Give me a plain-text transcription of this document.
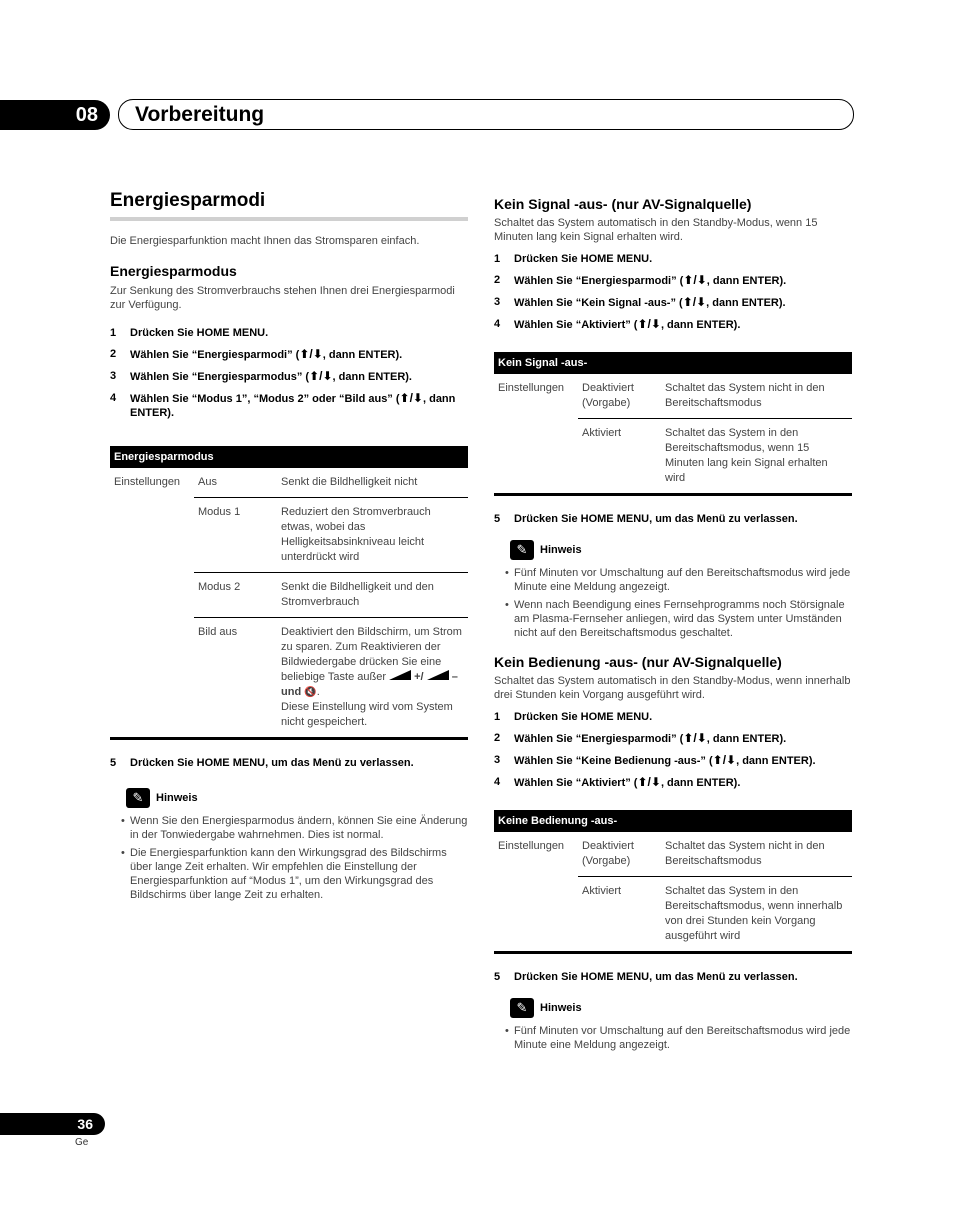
08	Vorbereitung
Energiesparmodi

Die Energiesparfunktion macht Ihnen das Stromsparen einfach.

Energiesparmodus

Zur Senkung des Stromverbrauchs stehen Ihnen drei Energiesparmodi zur Verfügung.

1 Drücken Sie HOME MENU.
2 Wählen Sie “Energiesparmodi” (⬆/⬇, dann ENTER).
3 Wählen Sie “Energiesparmodus” (⬆/⬇, dann ENTER).
4 Wählen Sie “Modus 1”, “Modus 2” oder “Bild aus” (⬆/⬇, dann ENTER).
Energiesparmodus		
Einstellungen	Aus	Senkt die Bildhelligkeit nicht
	Modus 1	Reduziert den Stromverbrauch etwas, wobei das Helligkeitsabsinkniveau leicht unterdrückt wird
	Modus 2	Senkt die Bildhelligkeit und den Stromverbrauch
	Bild aus	Deaktiviert den Bildschirm, um Strom zu sparen. Zum Reaktivieren der Bildwiedergabe drücken Sie eine beliebige Taste außer +/ – und 🔇.
Diese Einstellung wird vom System nicht gespeichert.
5 Drücken Sie HOME MENU, um das Menü zu verlassen.
✎	Hinweis
• Wenn Sie den Energiesparmodus ändern, können Sie eine Änderung in der Tonwiedergabe wahrnehmen. Dies ist normal.
• Die Energiesparfunktion kann den Wirkungsgrad des Bildschirms über lange Zeit erhalten. Wir empfehlen die Einstellung der Energiesparfunktion auf “Modus 1”, um den Wirkungsgrad des Bildschirms über lange Zeit zu erhalten.
Kein Signal -aus- (nur AV-Signalquelle)

Schaltet das System automatisch in den Standby-Modus, wenn 15 Minuten lang kein Signal erhalten wird.

1 Drücken Sie HOME MENU.
2 Wählen Sie “Energiesparmodi” (⬆/⬇, dann ENTER).
3 Wählen Sie “Kein Signal -aus-” (⬆/⬇, dann ENTER).
4 Wählen Sie “Aktiviert” (⬆/⬇, dann ENTER).
Kein Signal -aus-		
Einstellungen	Deaktiviert (Vorgabe)	Schaltet das System nicht in den Bereitschaftsmodus
	Aktiviert	Schaltet das System in den Bereitschaftsmodus, wenn 15 Minuten lang kein Signal erhalten wird
5 Drücken Sie HOME MENU, um das Menü zu verlassen.
✎	Hinweis
• Fünf Minuten vor Umschaltung auf den Bereitschaftsmodus wird jede Minute eine Meldung angezeigt.
• Wenn nach Beendigung eines Fernsehprogramms noch Störsignale am Plasma-Fernseher anliegen, wird das System unter Umständen nicht auf den Bereitschaftsmodus geschaltet.
Kein Bedienung -aus- (nur AV-Signalquelle)

Schaltet das System automatisch in den Standby-Modus, wenn innerhalb drei Stunden kein Vorgang ausgeführt wird.

1 Drücken Sie HOME MENU.
2 Wählen Sie “Energiesparmodi” (⬆/⬇, dann ENTER).
3 Wählen Sie “Keine Bedienung -aus-” (⬆/⬇, dann ENTER).
4 Wählen Sie “Aktiviert” (⬆/⬇, dann ENTER).
Keine Bedienung -aus-		
Einstellungen	Deaktiviert (Vorgabe)	Schaltet das System nicht in den Bereitschaftsmodus
	Aktiviert	Schaltet das System in den Bereitschaftsmodus, wenn innerhalb von drei Stunden kein Vorgang ausgeführt wird
5 Drücken Sie HOME MENU, um das Menü zu verlassen.
✎	Hinweis
• Fünf Minuten vor Umschaltung auf den Bereitschaftsmodus wird jede Minute eine Meldung angezeigt.
36
Ge
